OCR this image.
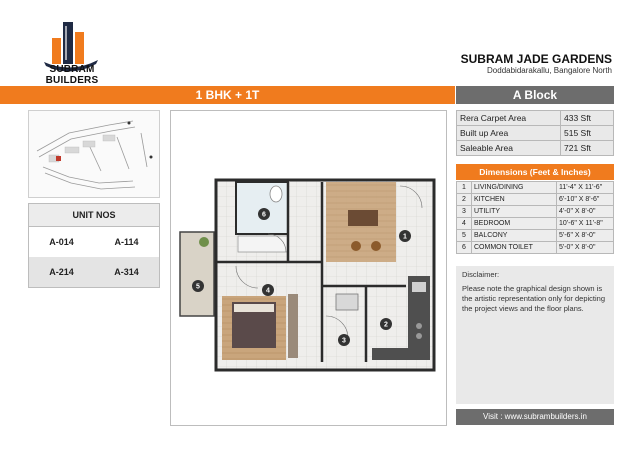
SUBRAM BUILDERS
SUBRAM JADE GARDENS
Doddabidarakallu, Bangalore North
1 BHK + 1T	A Block
UNIT NOS
A-014	A-114
A-214	A-314
1
2
3
4
5
6
Rera Carpet Area	433 Sft
Built up Area	515 Sft
Saleable Area	721 Sft
Dimensions (Feet & Inches)
1	LIVING/DINING	11'-4" X 11'-6"
2	KITCHEN	6'-10" X 8'-6"
3	UTILITY	4'-0" X 8'-0"
4	BEDROOM	10'-6" X 11'-8"
5	BALCONY	5'-6" X 8'-0"
6	COMMON TOILET	5'-0" X 8'-0"
Disclaimer:
Please note the graphical design shown is the artistic representation only for depicting the project views and the floor plans.
Visit : www.subrambuilders.in
